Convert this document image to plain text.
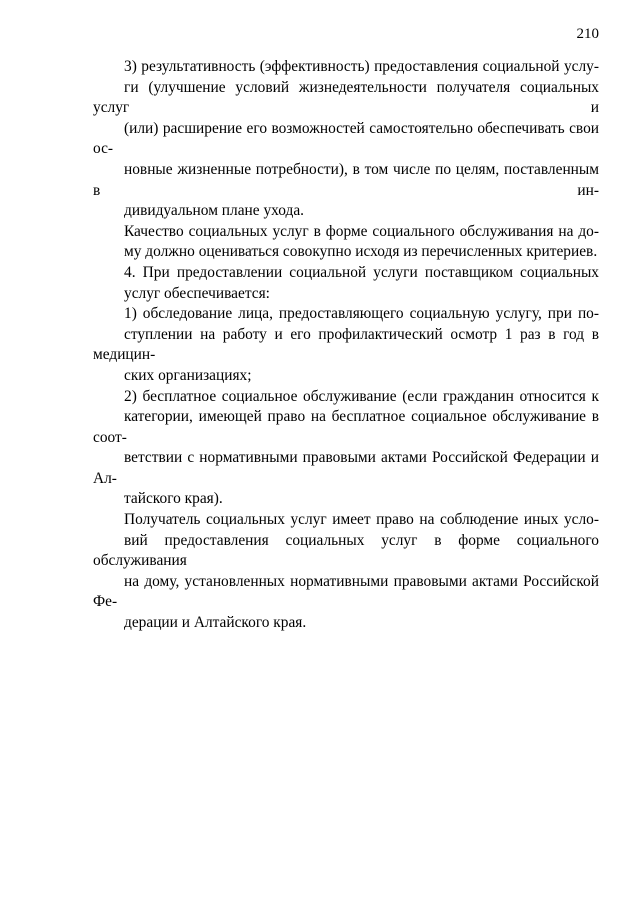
210

3) результативность (эффективность) предоставления социальной услу-
ги (улучшение условий жизнедеятельности получателя социальных услуг и
(или) расширение его возможностей самостоятельно обеспечивать свои ос-
новные жизненные потребности), в том числе по целям, поставленным в ин-
дивидуальном плане ухода.

Качество социальных услуг в форме социального обслуживания на до-
му должно оцениваться совокупно исходя из перечисленных критериев.

4. При предоставлении социальной услуги поставщиком социальных
услуг обеспечивается:

1) обследование лица, предоставляющего социальную услугу, при по-
ступлении на работу и его профилактический осмотр 1 раз в год в медицин-
ских организациях;

2) бесплатное социальное обслуживание (если гражданин относится к
категории, имеющей право на бесплатное социальное обслуживание в соот-
ветствии с нормативными правовыми актами Российской Федерации и Ал-
тайского края).

Получатель социальных услуг имеет право на соблюдение иных усло-
вий предоставления социальных услуг в форме социального обслуживания
на дому, установленных нормативными правовыми актами Российской Фе-
дерации и Алтайского края.
